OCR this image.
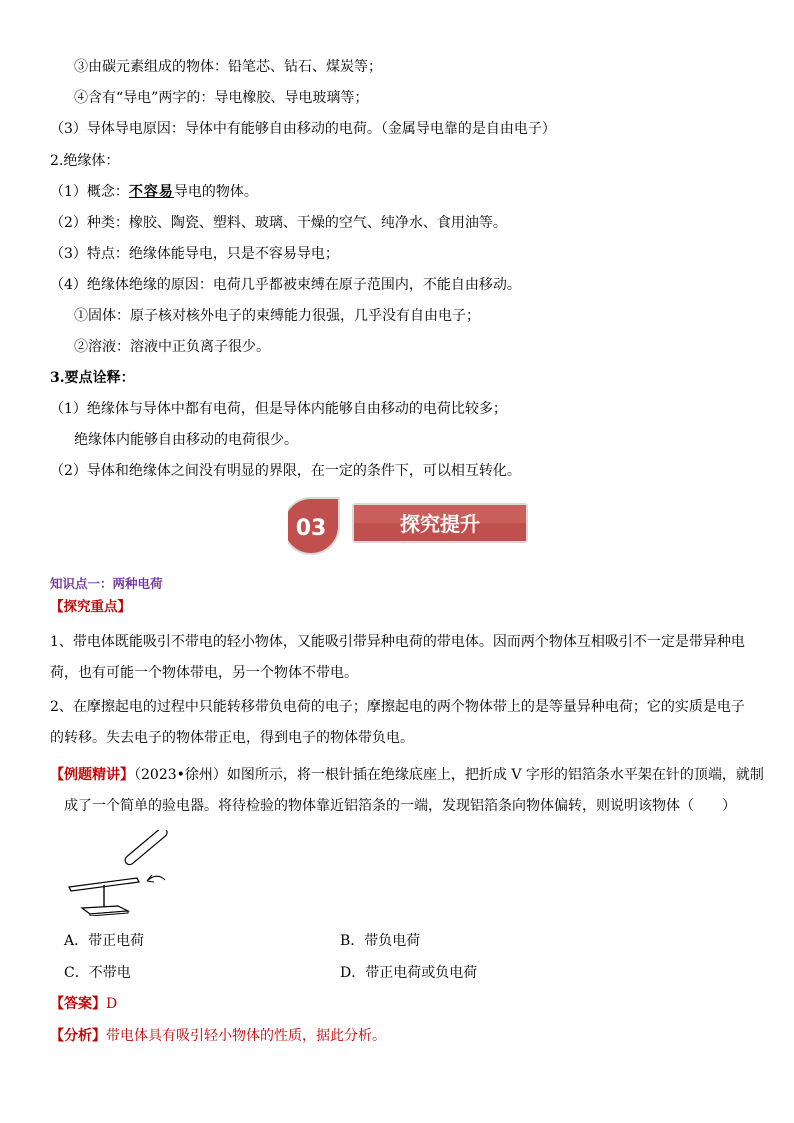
③由碳元素组成的物体：铅笔芯、钻石、煤炭等；
④含有“导电”两字的：导电橡胶、导电玻璃等；
（3）导体导电原因：导体中有能够自由移动的电荷。（金属导电靠的是自由电子）
2.绝缘体：
（1）概念：不容易导电的物体。
（2）种类：橡胶、陶瓷、塑料、玻璃、干燥的空气、纯净水、食用油等。
（3）特点：绝缘体能导电，只是不容易导电；
（4）绝缘体绝缘的原因：电荷几乎都被束缚在原子范围内，不能自由移动。
①固体：原子核对核外电子的束缚能力很强，几乎没有自由电子；
②溶液：溶液中正负离子很少。
3.要点诠释：
（1）绝缘体与导体中都有电荷，但是导体内能够自由移动的电荷比较多；
绝缘体内能够自由移动的电荷很少。
（2）导体和绝缘体之间没有明显的界限，在一定的条件下，可以相互转化。
03	探究提升
知识点一：两种电荷
【探究重点】
1、带电体既能吸引不带电的轻小物体，又能吸引带异种电荷的带电体。因而两个物体互相吸引不一定是带异种电
荷，也有可能一个物体带电，另一个物体不带电。
2、在摩擦起电的过程中只能转移带负电荷的电子；摩擦起电的两个物体带上的是等量异种电荷；它的实质是电子
的转移。失去电子的物体带正电，得到电子的物体带负电。
【例题精讲】（2023•徐州）如图所示，将一根针插在绝缘底座上，把折成 V 字形的铝箔条水平架在针的顶端，就制
成了一个简单的验电器。将待检验的物体靠近铝箔条的一端，发现铝箔条向物体偏转，则说明该物体（　　）
A．带正电荷	B．带负电荷
C．不带电	D．带正电荷或负电荷
【答案】D
【分析】带电体具有吸引轻小物体的性质，据此分析。
